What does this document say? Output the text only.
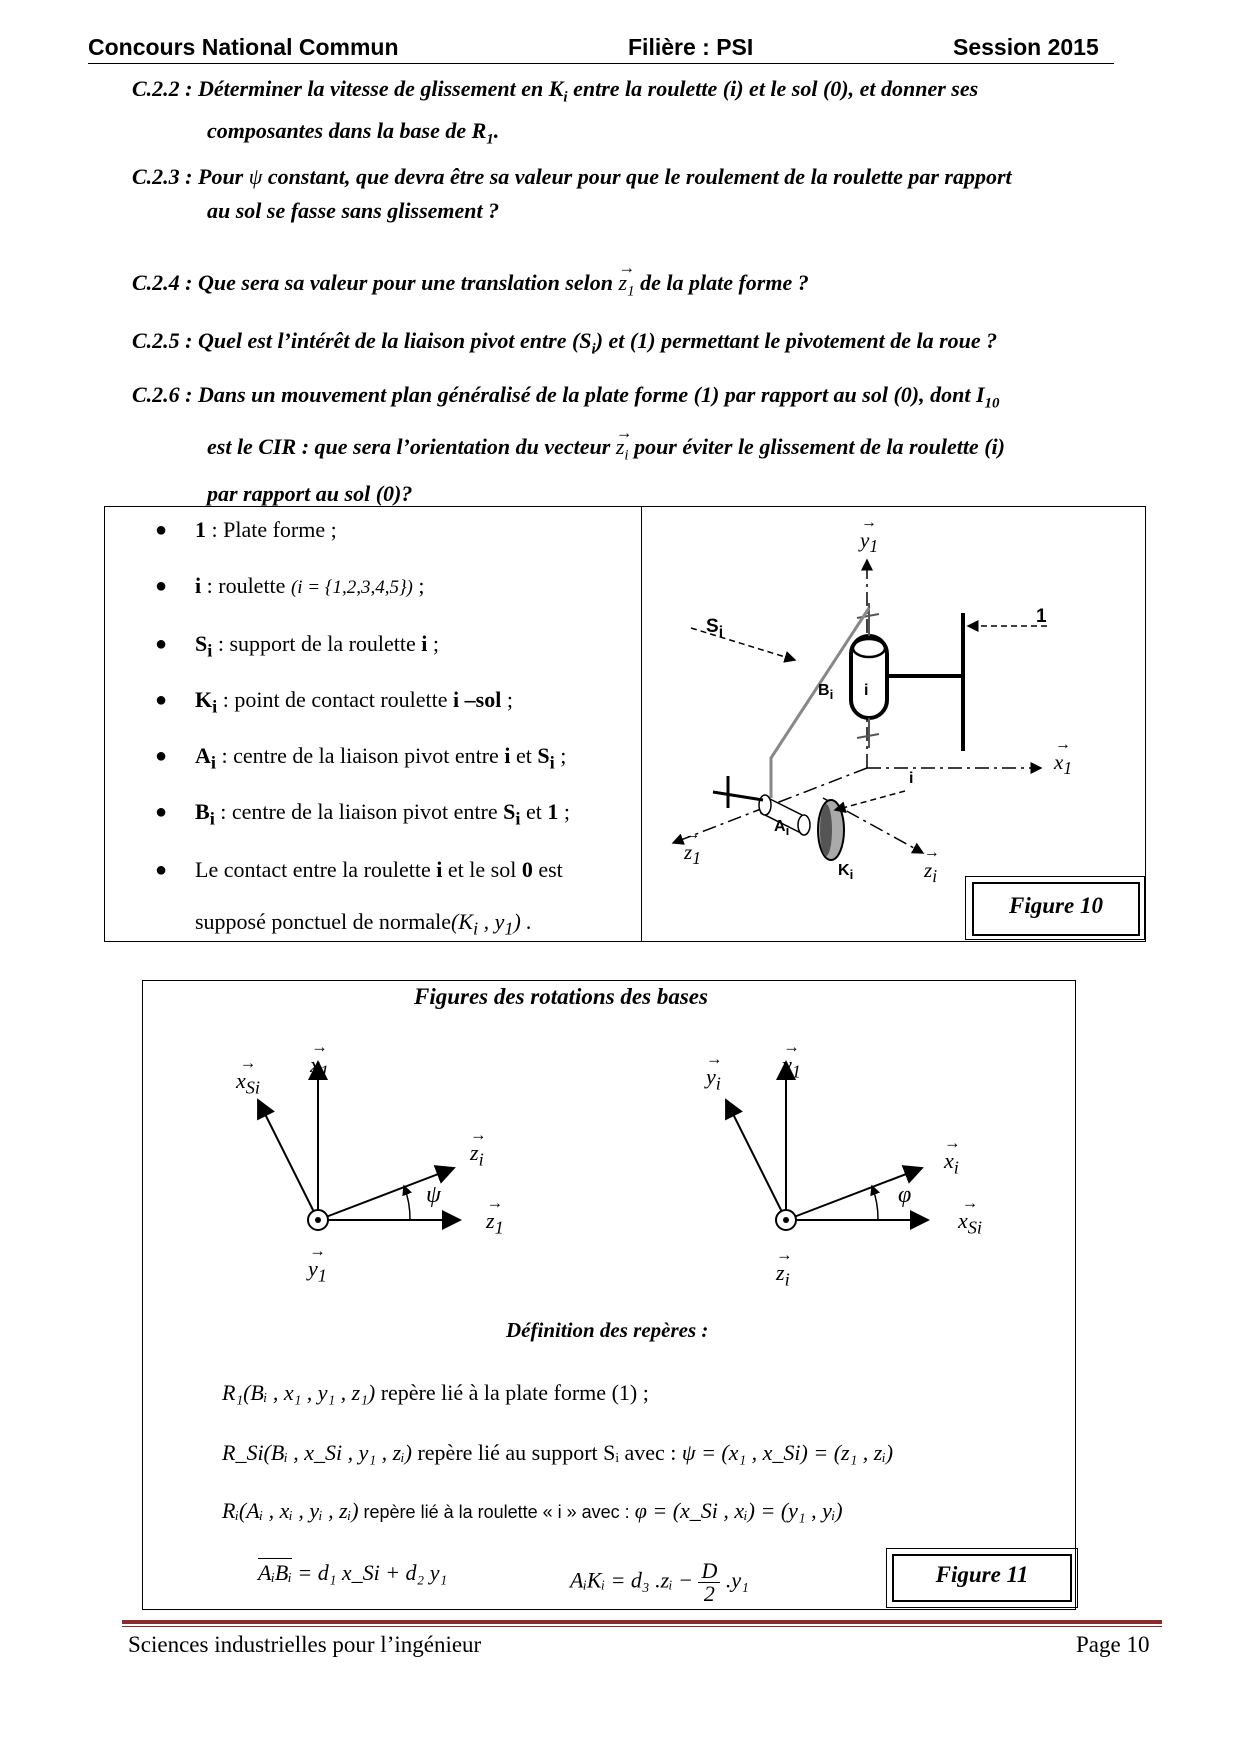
Concours National Commun	Filière : PSI	Session 2015
C.2.2 : Déterminer la vitesse de glissement en $K_i$ entre la roulette (i) et le sol (0), et donner ses
composantes dans la base de $R_1$.
C.2.3 : Pour ψ constant, que devra être sa valeur pour que le roulement de la roulette par rapport
au sol se fasse sans glissement ?
C.2.4 : Que sera sa valeur pour une translation selon → $z_1$ de la plate forme ?
C.2.5 : Quel est l’intérêt de la liaison pivot entre $(S_i)$ et (1) permettant le pivotement de la roue ?
C.2.6 : Dans un mouvement plan généralisé de la plate forme (1) par rapport au sol (0), dont $I_{10}$
est le CIR : que sera l’orientation du vecteur → $z_i$ pour éviter le glissement de la roulette (i)
par rapport au sol (0)?
● 1 : Plate forme ;
● i : roulette (i = {1,2,3,4,5}) ;
● $S_i$ : support de la roulette i ;
● $K_i$ : point de contact roulette i –sol ;
● $A_i$ : centre de la liaison pivot entre i et $S_i$ ;
● $B_i$ : centre de la liaison pivot entre $S_i$ et 1 ;
● Le contact entre la roulette i et le sol 0 est
supposé ponctuel de $normale(K_i$ , $y_1$) .
→ $y_1$
$S_i$
1
$B_i$ i
→ $x_1$
i
$A_i$
→ $z_1$
$K_i$
→	$z_i$
Figure 10
Figures des rotations des bases
→ $x_{Si}$
→ $x_1$
→ $z_i$
ψ
→ $z_1$
→ $y_1$
→ $y_i$
→ $y_1$
→ $x_i$
φ
→ $x_{Si}$
→ $z_i$
Définition des repères :
R₁(Bᵢ , x₁ , y₁ , z₁) repère lié à la plate forme (1) ;
R_Si(Bᵢ , x_Si , y₁ , zᵢ) repère lié au support Sᵢ avec : ψ = (x₁ , x_Si) = (z₁ , zᵢ)
Rᵢ(Aᵢ , xᵢ , yᵢ , zᵢ) repère lié à la roulette « i » avec : φ = (x_Si , xᵢ) = (y₁ , yᵢ)
AᵢBᵢ = d₁ x_Si + d₂ y₁	AᵢKᵢ = d₃ .zᵢ − $\frac{D}{2} .y_1$	Figure 11
Sciences industrielles pour l’ingénieur	Page 10
